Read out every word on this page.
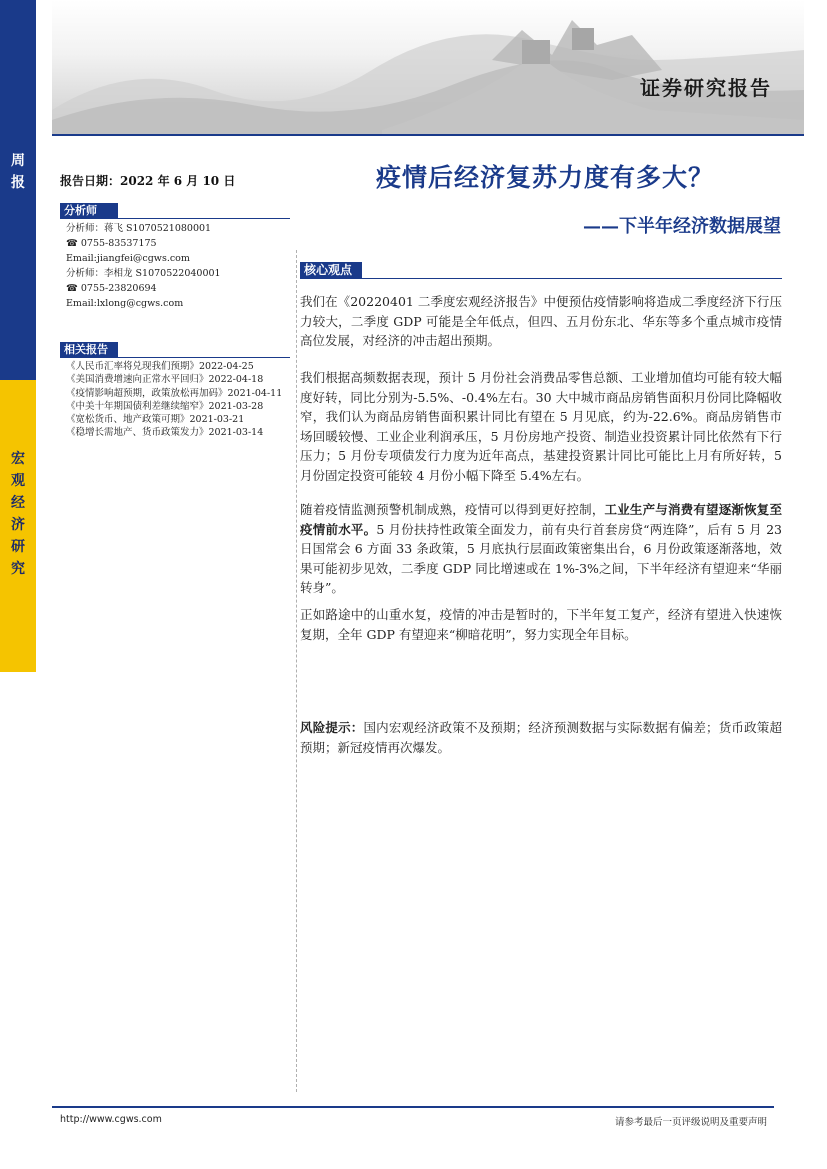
周
报
宏
观
经
济
研
究
证券研究报告
报告日期：2022 年 6 月 10 日	疫情后经济复苏力度有多大？
——下半年经济数据展望
分析师
分析师：蒋飞 S1070521080001
☎ 0755-83537175
Email:jiangfei@cgws.com
分析师：李相龙 S1070522040001
☎ 0755-23820694
Email:lxlong@cgws.com
相关报告
《人民币汇率将兑现我们预期》2022-04-25
《美国消费增速向正常水平回归》2022-04-18
《疫情影响超预期，政策放松再加码》2021-04-11
《中美十年期国债利差继续缩窄》2021-03-28
《宽松货币、地产政策可期》2021-03-21
《稳增长需地产、货币政策发力》2021-03-14
核心观点
我们在《20220401 二季度宏观经济报告》中便预估疫情影响将造成二季度经济下行压力较大，二季度 GDP 可能是全年低点，但四、五月份东北、华东等多个重点城市疫情高位发展，对经济的冲击超出预期。
我们根据高频数据表现，预计 5 月份社会消费品零售总额、工业增加值均可能有较大幅度好转，同比分别为-5.5%、-0.4%左右。30 大中城市商品房销售面积月份同比降幅收窄，我们认为商品房销售面积累计同比有望在 5 月见底，约为-22.6%。商品房销售市场回暖较慢、工业企业利润承压，5 月份房地产投资、制造业投资累计同比依然有下行压力；5 月份专项债发行力度为近年高点，基建投资累计同比可能比上月有所好转，5 月份固定投资可能较 4 月份小幅下降至 5.4%左右。
随着疫情监测预警机制成熟，疫情可以得到更好控制，工业生产与消费有望逐渐恢复至疫情前水平。5 月份扶持性政策全面发力，前有央行首套房贷“两连降”，后有 5 月 23 日国常会 6 方面 33 条政策，5 月底执行层面政策密集出台，6 月份政策逐渐落地，效果可能初步见效，二季度 GDP 同比增速或在 1%-3%之间，下半年经济有望迎来“华丽转身”。
正如路途中的山重水复，疫情的冲击是暂时的，下半年复工复产，经济有望进入快速恢复期，全年 GDP 有望迎来“柳暗花明”，努力实现全年目标。
风险提示：国内宏观经济政策不及预期；经济预测数据与实际数据有偏差；货币政策超预期；新冠疫情再次爆发。
http://www.cgws.com	请参考最后一页评级说明及重要声明
